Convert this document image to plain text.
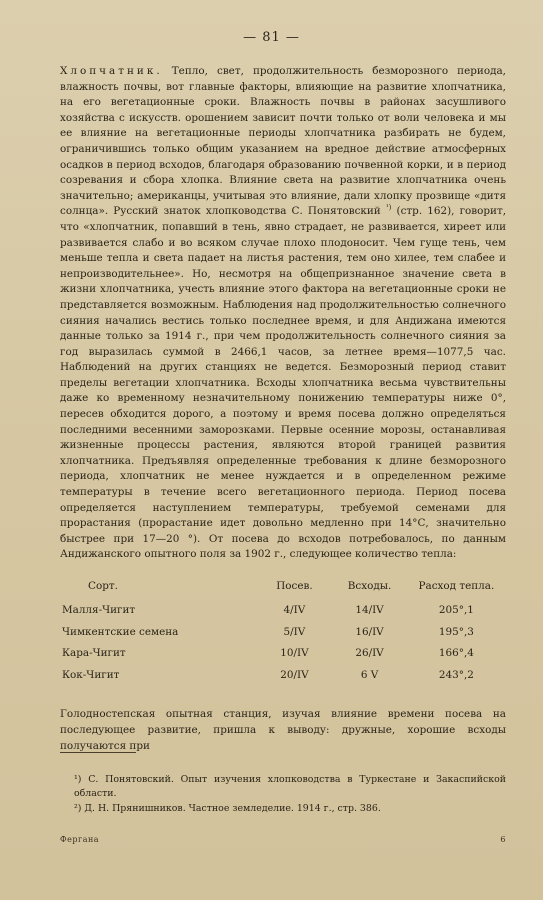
— 81 —

Хлопчатник. Тепло, свет, продолжительность безморозного периода, влажность почвы, вот главные факторы, влияющие на развитие хлопчатника, на его вегетационные сроки. Влажность почвы в районах засушливого хозяйства с искусств. орошением зависит почти только от воли человека и мы ее влияние на вегетационные периоды хлопчатника разбирать не будем, ограничившись только общим указанием на вредное действие атмосферных осадков в период всходов, благодаря образованию почвенной корки, и в период созревания и сбора хлопка. Влияние света на развитие хлопчатника очень значительно; американцы, учитывая это влияние, дали хлопку прозвище «дитя солнца». Русский знаток хлопководства С. Понятовский $^{^1)}$ (стр. 162), говорит, что «хлопчатник, попавший в тень, явно страдает, не развивается, хиреет или развивается слабо и во всяком случае плохо плодоносит. Чем гуще тень, чем меньше тепла и света падает на листья растения, тем оно хилее, тем слабее и непроизводительнее». Но, несмотря на общепризнанное значение света в жизни хлопчатника, учесть влияние этого фактора на вегетационные сроки не представляется возможным. Наблюдения над продолжительностью солнечного сияния начались вестись только последнее время, и для Андижана имеются данные только за 1914 г., при чем продолжительность солнечного сияния за год выразилась суммой в 2466,1 часов, за летнее время—1077,5 час. Наблюдений на других станциях не ведется. Безморозный период ставит пределы вегетации хлопчатника. Всходы хлопчатника весьма чувствительны даже ко временному незначительному понижению температуры ниже 0°, пересев обходится дорого, а поэтому и время посева должно определяться последними весенними заморозками. Первые осенние морозы, останавливая жизненные процессы растения, являются второй границей развития хлопчатника. Предъявляя определенные требования к длине безморозного периода, хлопчатник не менее нуждается и в определенном режиме температуры в течение всего вегетационного периода. Период посева определяется наступлением температуры, требуемой семенами для прорастания (прорастание идет довольно медленно при 14°С, значительно быстрее при 17—20 °). От посева до всходов потребовалось, по данным Андижанского опытного поля за 1902 г., следующее количество тепла:

Сорт.	Посев.	Всходы.	Расход тепла.
Малля-Чигит	4/IV	14/IV	205°,1
Чимкентские семена	5/IV	16/IV	195°,3
Кара-Чигит	10/IV	26/IV	166°,4
Кок-Чигит	20/IV	6 V	243°,2

Голодностепская опытная станция, изучая влияние времени посева на последующее развитие, пришла к выводу: дружные, хорошие всходы получаются при

¹) С. Понятовский. Опыт изучения хлопководства в Туркестане и Закаспийской области.

²) Д. Н. Прянишников. Частное земледелие. 1914 г., стр. 386.

Фергана	6
